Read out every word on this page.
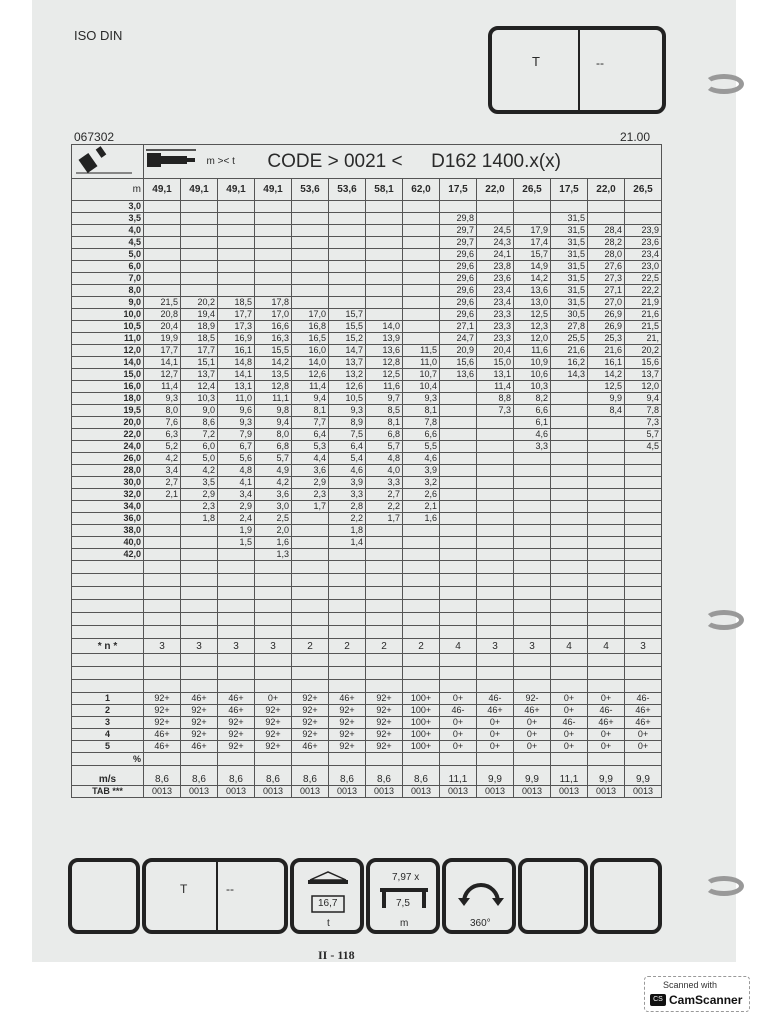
ISO DIN
T	--
067302	21.00
	m >< t CODE > 0021 < D162 1400.x(x)													
m	49,1	49,1	49,1	49,1	53,6	53,6	58,1	62,0	17,5	22,0	26,5	17,5	22,0	26,5
3,0														
3,5									29,8			31,5		
4,0									29,7	24,5	17,9	31,5	28,4	23,9
4,5									29,7	24,3	17,4	31,5	28,2	23,6
5,0									29,6	24,1	15,7	31,5	28,0	23,4
6,0									29,6	23,8	14,9	31,5	27,6	23,0
7,0									29,6	23,6	14,2	31,5	27,3	22,5
8,0									29,6	23,4	13,6	31,5	27,1	22,2
9,0	21,5	20,2	18,5	17,8					29,6	23,4	13,0	31,5	27,0	21,9
10,0	20,8	19,4	17,7	17,0	17,0	15,7			29,6	23,3	12,5	30,5	26,9	21,6
10,5	20,4	18,9	17,3	16,6	16,8	15,5	14,0		27,1	23,3	12,3	27,8	26,9	21,5
11,0	19,9	18,5	16,9	16,3	16,5	15,2	13,9		24,7	23,3	12,0	25,5	25,3	21,
12,0	17,7	17,7	16,1	15,5	16,0	14,7	13,6	11,5	20,9	20,4	11,6	21,6	21,6	20,2
14,0	14,1	15,1	14,8	14,2	14,0	13,7	12,8	11,0	15,6	15,0	10,9	16,2	16,1	15,6
15,0	12,7	13,7	14,1	13,5	12,6	13,2	12,5	10,7	13,6	13,1	10,6	14,3	14,2	13,7
16,0	11,4	12,4	13,1	12,8	11,4	12,6	11,6	10,4		11,4	10,3		12,5	12,0
18,0	9,3	10,3	11,0	11,1	9,4	10,5	9,7	9,3		8,8	8,2		9,9	9,4
19,5	8,0	9,0	9,6	9,8	8,1	9,3	8,5	8,1		7,3	6,6		8,4	7,8
20,0	7,6	8,6	9,3	9,4	7,7	8,9	8,1	7,8			6,1			7,3
22,0	6,3	7,2	7,9	8,0	6,4	7,5	6,8	6,6			4,6			5,7
24,0	5,2	6,0	6,7	6,8	5,3	6,4	5,7	5,5			3,3			4,5
26,0	4,2	5,0	5,6	5,7	4,4	5,4	4,8	4,6						
28,0	3,4	4,2	4,8	4,9	3,6	4,6	4,0	3,9						
30,0	2,7	3,5	4,1	4,2	2,9	3,9	3,3	3,2						
32,0	2,1	2,9	3,4	3,6	2,3	3,3	2,7	2,6						
34,0		2,3	2,9	3,0	1,7	2,8	2,2	2,1						
36,0		1,8	2,4	2,5		2,2	1,7	1,6						
38,0			1,9	2,0		1,8								
40,0			1,5	1,6		1,4								
42,0				1,3										

* n *	3	3	3	3	2	2	2	2	4	3	3	4	4	3

1	92+	46+	46+	0+	92+	46+	92+	100+	0+	46-	92-	0+	0+	46-
2	92+	92+	46+	92+	92+	92+	92+	100+	46-	46+	46+	0+	46-	46+
3	92+	92+	92+	92+	92+	92+	92+	100+	0+	0+	0+	46-	46+	46+
4	46+	92+	92+	92+	92+	92+	92+	100+	0+	0+	0+	0+	0+	0+
5	46+	46+	92+	92+	46+	92+	92+	100+	0+	0+	0+	0+	0+	0+
%														
m/s	8,6	8,6	8,6	8,6	8,6	8,6	8,6	8,6	11,1	9,9	9,9	11,1	9,9	9,9
TAB ***	0013	0013	0013	0013	0013	0013	0013	0013	0013	0013	0013	0013	0013	0013
T	--
16,7
t
7,97 x
7,5
m	360°
II - 118
Scanned with
CS CamScanner
